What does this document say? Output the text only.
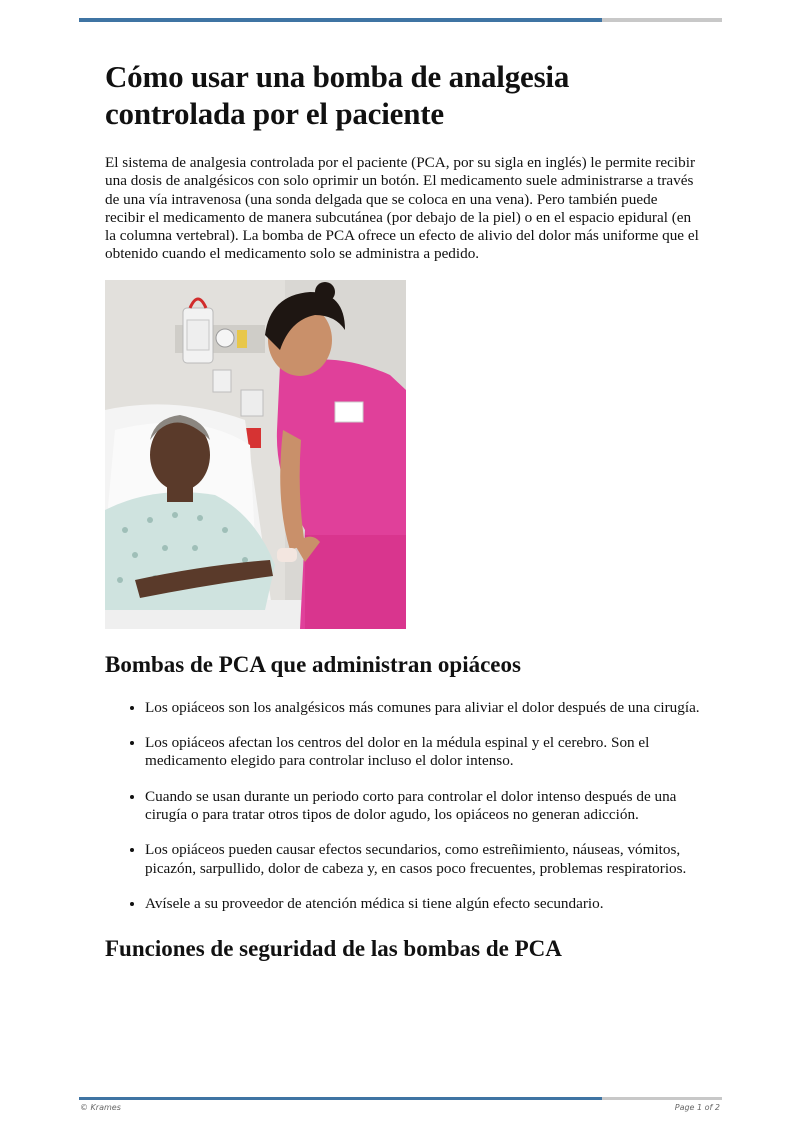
Cómo usar una bomba de analgesia controlada por el paciente

El sistema de analgesia controlada por el paciente (PCA, por su sigla en inglés) le permite recibir una dosis de analgésicos con solo oprimir un botón. El medicamento suele administrarse a través de una vía intravenosa (una sonda delgada que se coloca en una vena). Pero también puede recibir el medicamento de manera subcutánea (por debajo de la piel) o en el espacio epidural (en la columna vertebral). La bomba de PCA ofrece un efecto de alivio del dolor más uniforme que el obtenido cuando el medicamento solo se administra a pedido.

Bombas de PCA que administran opiáceos
• Los opiáceos son los analgésicos más comunes para aliviar el dolor después de una cirugía.
• Los opiáceos afectan los centros del dolor en la médula espinal y el cerebro. Son el medicamento elegido para controlar incluso el dolor intenso.
• Cuando se usan durante un periodo corto para controlar el dolor intenso después de una cirugía o para tratar otros tipos de dolor agudo, los opiáceos no generan adicción.
• Los opiáceos pueden causar efectos secundarios, como estreñimiento, náuseas, vómitos, picazón, sarpullido, dolor de cabeza y, en casos poco frecuentes, problemas respiratorios.
• Avísele a su proveedor de atención médica si tiene algún efecto secundario.
Funciones de seguridad de las bombas de PCA
© Krames	Page 1 of 2
